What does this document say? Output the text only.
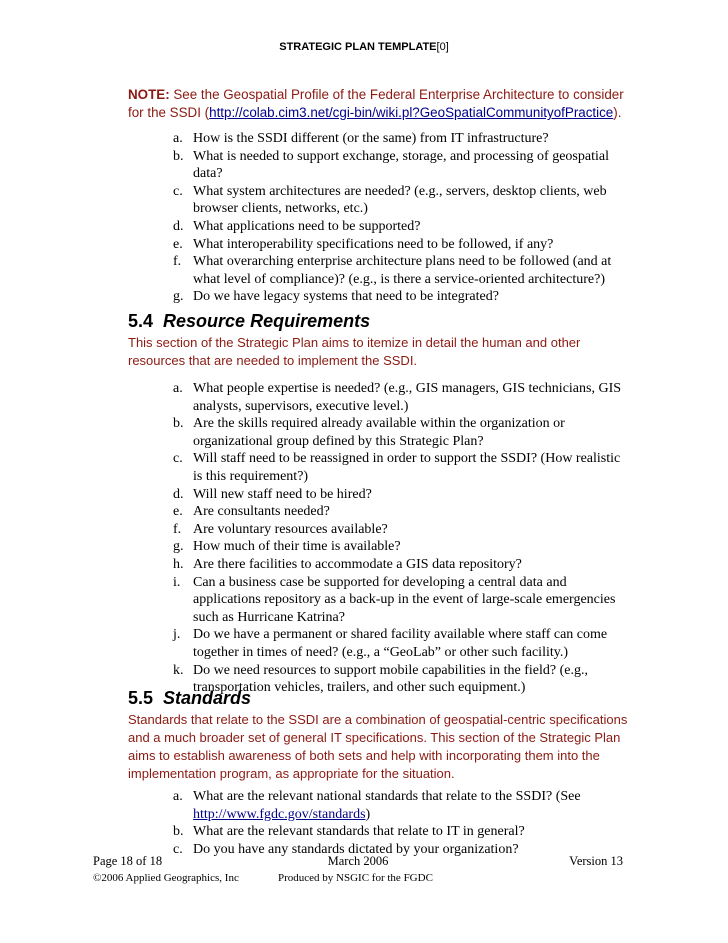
STRATEGIC PLAN TEMPLATE[0]
NOTE: See the Geospatial Profile of the Federal Enterprise Architecture to consider for the SSDI (http://colab.cim3.net/cgi-bin/wiki.pl?GeoSpatialCommunityofPractice).
a. How is the SSDI different (or the same) from IT infrastructure?
b. What is needed to support exchange, storage, and processing of geospatial data?
c. What system architectures are needed? (e.g., servers, desktop clients, web browser clients, networks, etc.)
d. What applications need to be supported?
e. What interoperability specifications need to be followed, if any?
f. What overarching enterprise architecture plans need to be followed (and at what level of compliance)? (e.g., is there a service-oriented architecture?)
g. Do we have legacy systems that need to be integrated?
5.4 Resource Requirements
This section of the Strategic Plan aims to itemize in detail the human and other resources that are needed to implement the SSDI.
a. What people expertise is needed? (e.g., GIS managers, GIS technicians, GIS analysts, supervisors, executive level.)
b. Are the skills required already available within the organization or organizational group defined by this Strategic Plan?
c. Will staff need to be reassigned in order to support the SSDI? (How realistic is this requirement?)
d. Will new staff need to be hired?
e. Are consultants needed?
f. Are voluntary resources available?
g. How much of their time is available?
h. Are there facilities to accommodate a GIS data repository?
i. Can a business case be supported for developing a central data and applications repository as a back-up in the event of large-scale emergencies such as Hurricane Katrina?
j. Do we have a permanent or shared facility available where staff can come together in times of need? (e.g., a “GeoLab” or other such facility.)
k. Do we need resources to support mobile capabilities in the field? (e.g., transportation vehicles, trailers, and other such equipment.)
5.5 Standards
Standards that relate to the SSDI are a combination of geospatial-centric specifications and a much broader set of general IT specifications. This section of the Strategic Plan aims to establish awareness of both sets and help with incorporating them into the implementation program, as appropriate for the situation.
a. What are the relevant national standards that relate to the SSDI? (See http://www.fgdc.gov/standards)
b. What are the relevant standards that relate to IT in general?
c. Do you have any standards dictated by your organization?
Page 18 of 18	March 2006	Version 13
©2006 Applied Geographics, Inc	Produced by NSGIC for the FGDC
